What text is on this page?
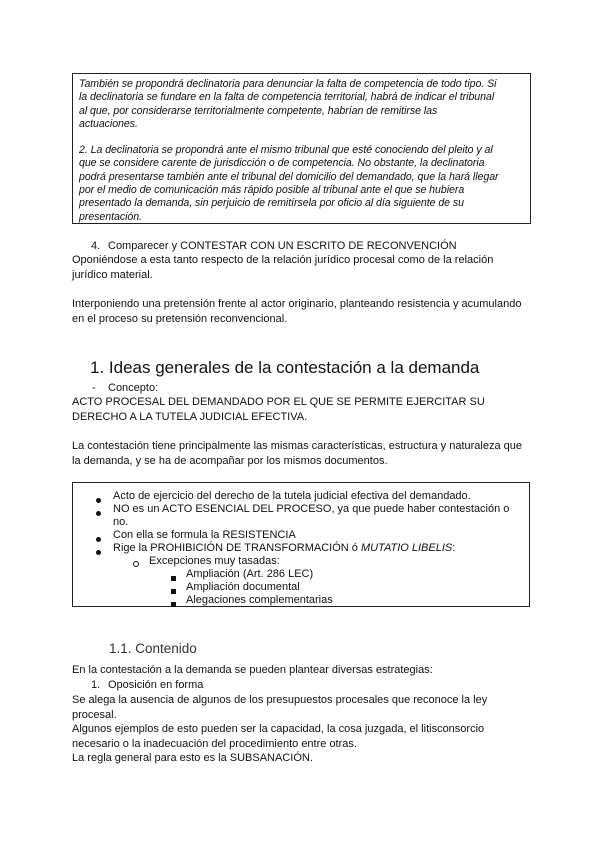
También se propondrá declinatoria para denunciar la falta de competencia de todo tipo. Si
la declinatoria se fundare en la falta de competencia territorial, habrá de indicar el tribunal
al que, por considerarse territorialmente competente, habrían de remitirse las
actuaciones.

2. La declinatoria se propondrá ante el mismo tribunal que esté conociendo del pleito y al
que se considere carente de jurisdicción o de competencia. No obstante, la declinatoria
podrá presentarse también ante el tribunal del domicilio del demandado, que la hará llegar
por el medio de comunicación más rápido posible al tribunal ante el que se hubiera
presentado la demanda, sin perjuicio de remitírsela por oficio al día siguiente de su
presentación.

4. Comparecer y CONTESTAR CON UN ESCRITO DE RECONVENCIÓN

Oponiéndose a esta tanto respecto de la relación jurídico procesal como de la relación
jurídico material.

Interponiendo una pretensión frente al actor originario, planteando resistencia y acumulando
en el proceso su pretensión reconvencional.

1. Ideas generales de la contestación a la demanda
- Concepto:

ACTO PROCESAL DEL DEMANDADO POR EL QUE SE PERMITE EJERCITAR SU
DERECHO A LA TUTELA JUDICIAL EFECTIVA.

La contestación tiene principalmente las mismas características, estructura y naturaleza que
la demanda, y se ha de acompañar por los mismos documentos.

Acto de ejercicio del derecho de la tutela judicial efectiva del demandado.
NO es un ACTO ESENCIAL DEL PROCESO, ya que puede haber contestación o
no.
Con ella se formula la RESISTENCIA
Rige la PROHIBICIÓN DE TRANSFORMACIÓN ó MUTATIO LIBELIS:
Excepciones muy tasadas:
Ampliación (Art. 286 LEC)
Ampliación documental
Alegaciones complementarias
1.1. Contenido

En la contestación a la demanda se pueden plantear diversas estrategias:

1. Oposición en forma

Se alega la ausencia de algunos de los presupuestos procesales que reconoce la ley
procesal.

Algunos ejemplos de esto pueden ser la capacidad, la cosa juzgada, el litisconsorcio
necesario o la inadecuación del procedimiento entre otras.

La regla general para esto es la SUBSANACIÓN.
